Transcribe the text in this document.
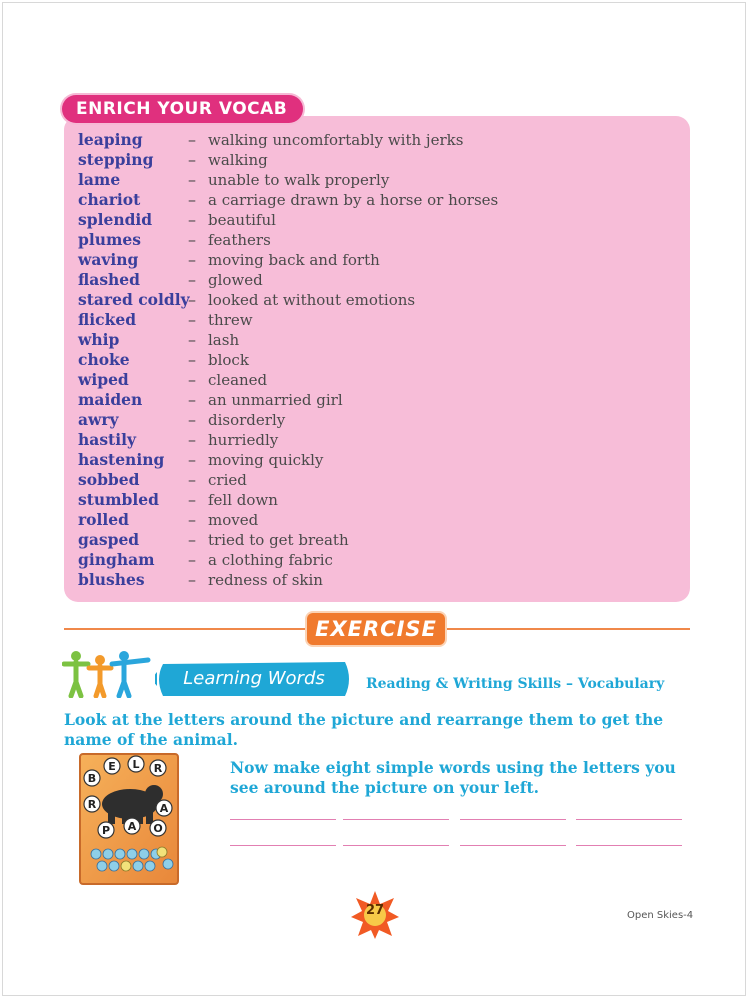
ENRICH YOUR VOCAB
leaping	– walking uncomfortably with jerks
stepping – walking
lame	– unable to walk properly
chariot	– a carriage drawn by a horse or horses
splendid – beautiful
plumes	– feathers
waving	– moving back and forth
flashed	– glowed
stared coldly– looked at without emotions
flicked	– threw
whip	– lash
choke	– block
wiped	– cleaned
maiden	– an unmarried girl
awry	– disorderly
hastily	– hurriedly
hastening – moving quickly
sobbed	– cried
stumbled – fell down
rolled	– moved
gasped	– tried to get breath
gingham – a clothing fabric
blushes	– redness of skin
EXERCISE
Learning Words	Reading & Writing Skills – Vocabulary
Look at the letters around the picture and rearrange them to get the name of the animal.
Now make eight simple words using the letters you see around the picture on your left.
B
E L R
R	A
P A O
27	Open Skies-4
